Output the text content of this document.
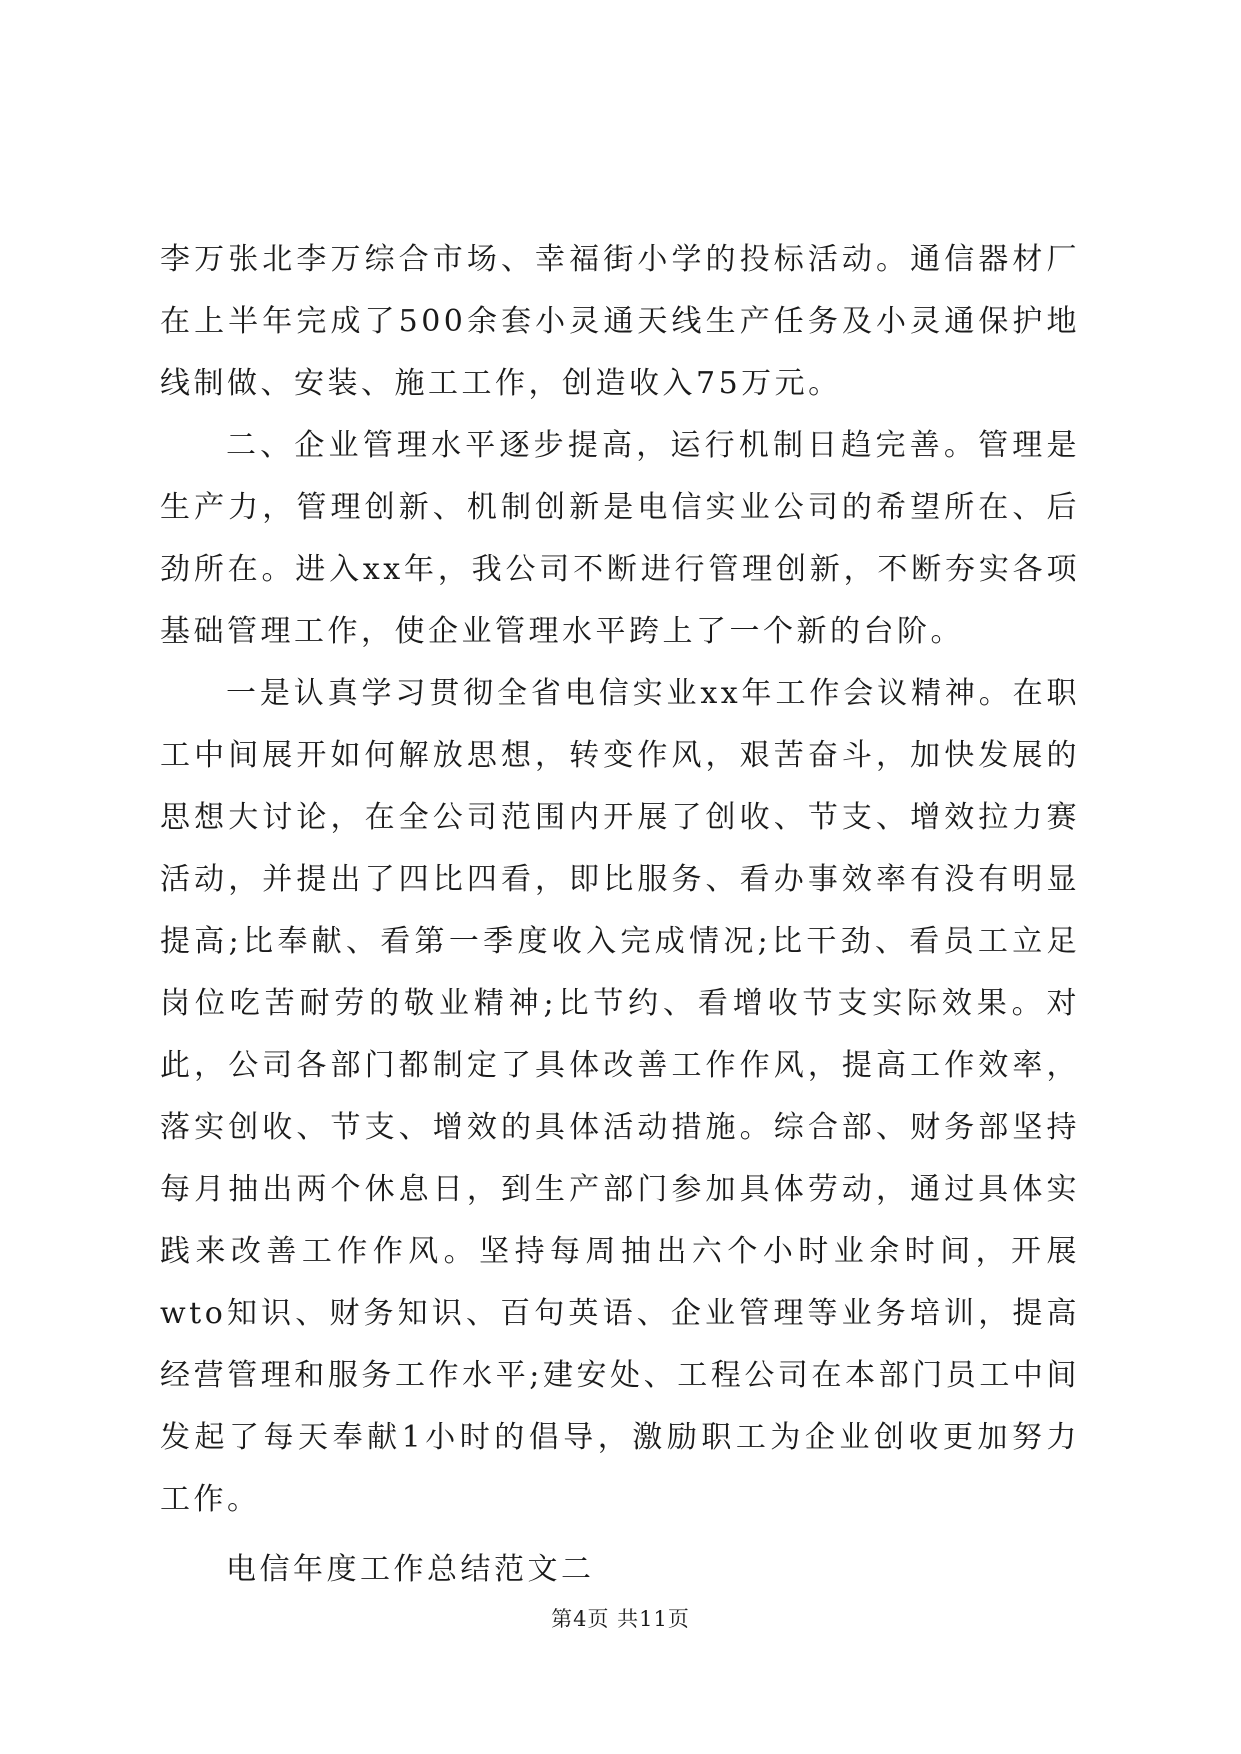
李万张北李万综合市场、幸福街小学的投标活动。通信器材厂在上半年完成了500余套小灵通天线生产任务及小灵通保护地线制做、安装、施工工作，创造收入75万元。

二、企业管理水平逐步提高，运行机制日趋完善。管理是生产力，管理创新、机制创新是电信实业公司的希望所在、后劲所在。进入xx年，我公司不断进行管理创新，不断夯实各项基础管理工作，使企业管理水平跨上了一个新的台阶。

一是认真学习贯彻全省电信实业xx年工作会议精神。在职工中间展开如何解放思想，转变作风，艰苦奋斗，加快发展的思想大讨论，在全公司范围内开展了创收、节支、增效拉力赛活动，并提出了四比四看，即比服务、看办事效率有没有明显提高;比奉献、看第一季度收入完成情况;比干劲、看员工立足岗位吃苦耐劳的敬业精神;比节约、看增收节支实际效果。对此，公司各部门都制定了具体改善工作作风，提高工作效率，落实创收、节支、增效的具体活动措施。综合部、财务部坚持每月抽出两个休息日，到生产部门参加具体劳动，通过具体实践来改善工作作风。坚持每周抽出六个小时业余时间，开展wto知识、财务知识、百句英语、企业管理等业务培训，提高经营管理和服务工作水平;建安处、工程公司在本部门员工中间发起了每天奉献1小时的倡导，激励职工为企业创收更加努力工作。

电信年度工作总结范文二

第4页 共11页
